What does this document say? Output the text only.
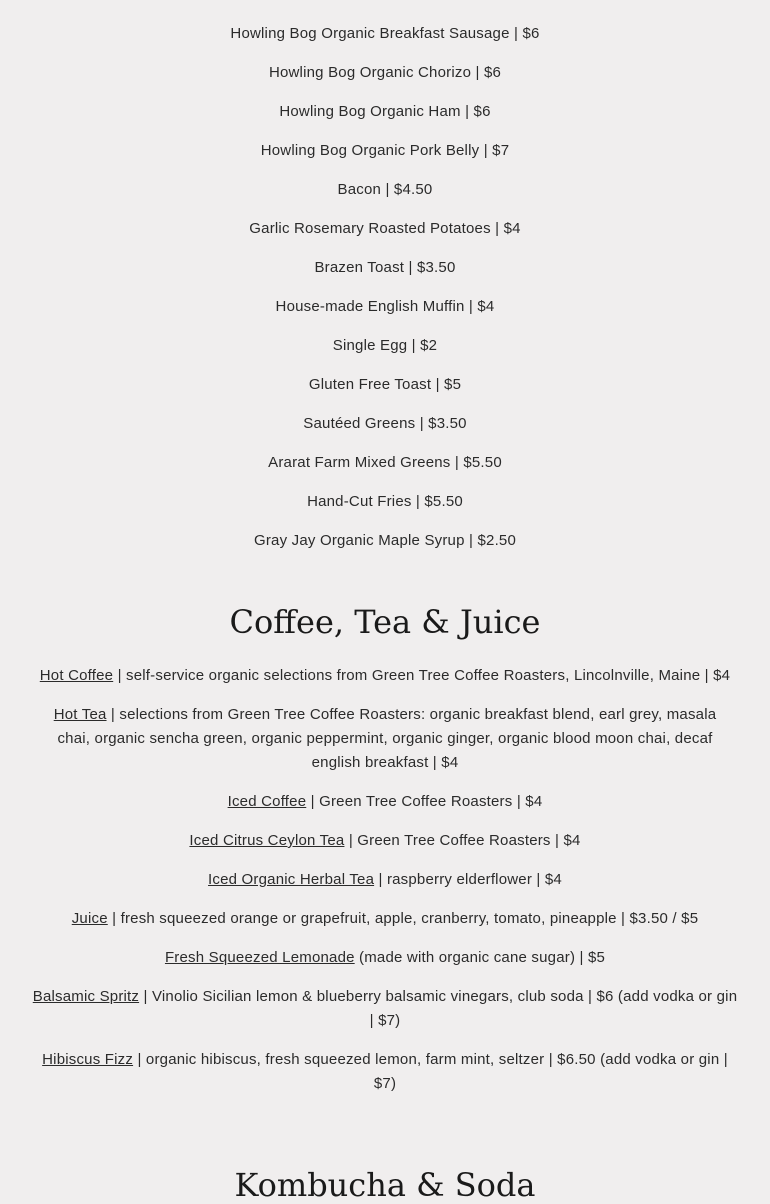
Howling Bog Organic Breakfast Sausage | $6

Howling Bog Organic Chorizo | $6

Howling Bog Organic Ham | $6

Howling Bog Organic Pork Belly | $7

Bacon | $4.50

Garlic Rosemary Roasted Potatoes | $4

Brazen Toast | $3.50

House-made English Muffin | $4

Single Egg | $2

Gluten Free Toast | $5

Sautéed Greens | $3.50

Ararat Farm Mixed Greens | $5.50

Hand-Cut Fries | $5.50

Gray Jay Organic Maple Syrup | $2.50

Coffee, Tea & Juice

Hot Coffee | self-service organic selections from Green Tree Coffee Roasters, Lincolnville, Maine | $4

Hot Tea | selections from Green Tree Coffee Roasters: organic breakfast blend, earl grey, masala chai, organic sencha green, organic peppermint, organic ginger, organic blood moon chai, decaf english breakfast | $4

Iced Coffee | Green Tree Coffee Roasters | $4

Iced Citrus Ceylon Tea | Green Tree Coffee Roasters | $4

Iced Organic Herbal Tea | raspberry elderflower | $4

Juice | fresh squeezed orange or grapefruit, apple, cranberry, tomato, pineapple | $3.50 / $5

Fresh Squeezed Lemonade (made with organic cane sugar) | $5

Balsamic Spritz | Vinolio Sicilian lemon & blueberry balsamic vinegars, club soda | $6 (add vodka or gin | $7)

Hibiscus Fizz | organic hibiscus, fresh squeezed lemon, farm mint, seltzer | $6.50 (add vodka or gin | $7)

Kombucha & Soda
